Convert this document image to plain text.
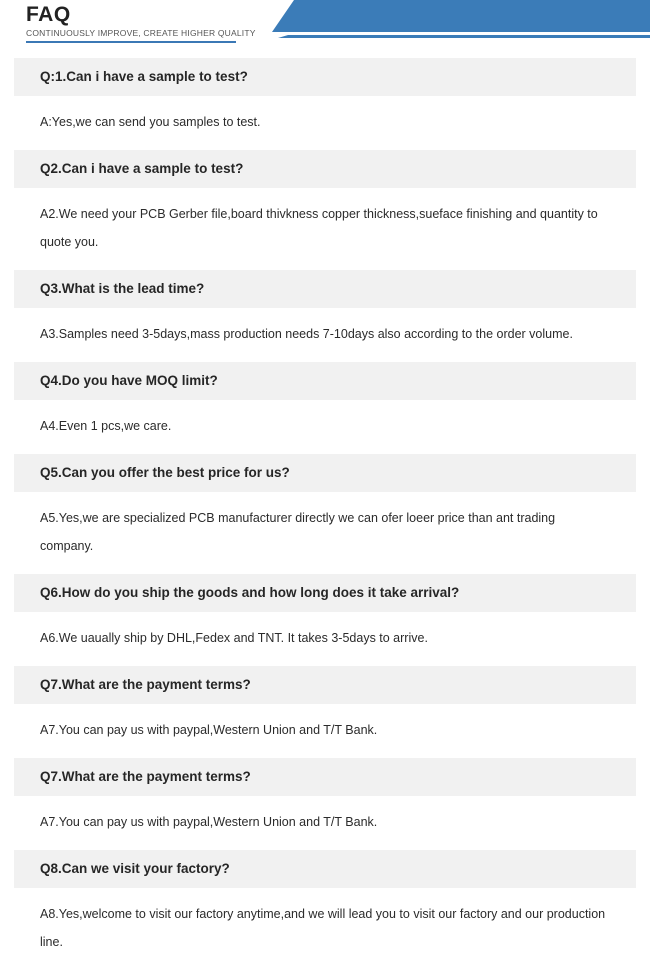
FAQ
CONTINUOUSLY IMPROVE, CREATE HIGHER QUALITY
Q:1.Can i have a sample to test?
A:Yes,we can send you samples to test.
Q2.Can i have a sample to test?
A2.We need your PCB Gerber file,board thivkness copper thickness,sueface finishing and quantity to quote you.
Q3.What is the lead time?
A3.Samples need 3-5days,mass production needs 7-10days also according to the order volume.
Q4.Do you have MOQ limit?
A4.Even 1 pcs,we care.
Q5.Can you offer the best price for us?
A5.Yes,we are specialized PCB manufacturer directly we can ofer loeer price than ant trading company.
Q6.How do you ship the goods and how long does it take arrival?
A6.We uaually ship by DHL,Fedex and TNT. It takes 3-5days to arrive.
Q7.What are the payment terms?
A7.You can pay us with paypal,Western Union and T/T Bank.
Q7.What are the payment terms?
A7.You can pay us with paypal,Western Union and T/T Bank.
Q8.Can we visit your factory?
A8.Yes,welcome to visit our factory anytime,and we will lead you to visit our factory and our production line.
